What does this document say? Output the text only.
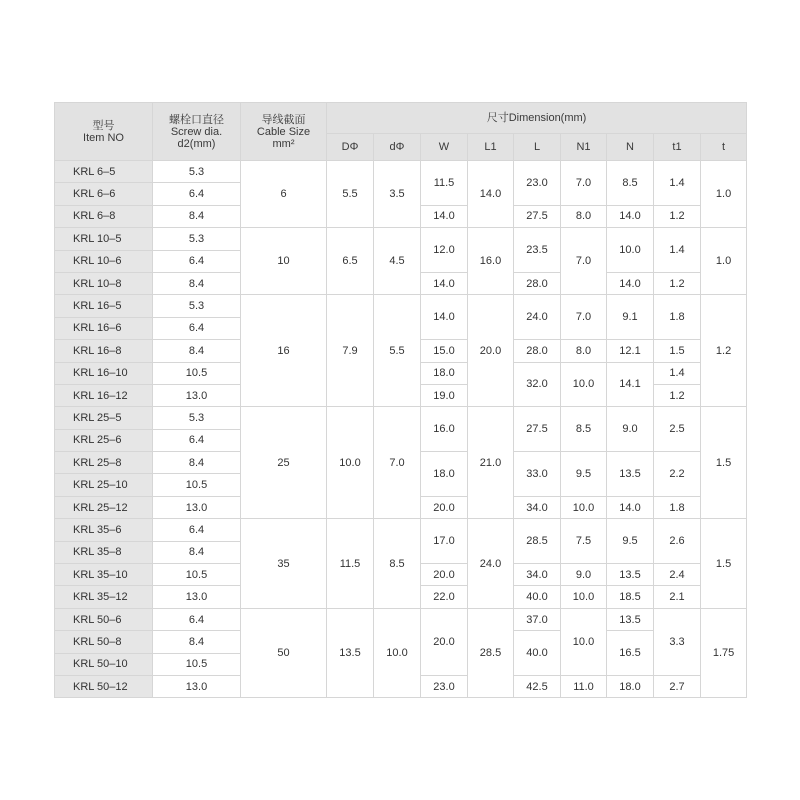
型号
Item NO	螺栓口直径
Screw dia.
d2(mm)	导线截面
Cable Size
mm²	尺寸Dimension(mm)								
			DΦ	dΦ	W	L1	L	N1	N	t1	t
KRL 6–5	5.3	6	5.5	3.5	11.5	14.0	23.0	7.0	8.5	1.4	1.0
KRL 6–6	6.4										
KRL 6–8	8.4				14.0		27.5	8.0	14.0	1.2	
KRL 10–5	5.3	10	6.5	4.5	12.0	16.0	23.5	7.0	10.0	1.4	1.0
KRL 10–6	6.4										
KRL 10–8	8.4				14.0		28.0		14.0	1.2	
KRL 16–5	5.3	16	7.9	5.5	14.0	20.0	24.0	7.0	9.1	1.8	1.2
KRL 16–6	6.4										
KRL 16–8	8.4				15.0		28.0	8.0	12.1	1.5	
KRL 16–10	10.5				18.0		32.0	10.0	14.1	1.4	
KRL 16–12	13.0				19.0					1.2	
KRL 25–5	5.3	25	10.0	7.0	16.0	21.0	27.5	8.5	9.0	2.5	1.5
KRL 25–6	6.4										
KRL 25–8	8.4				18.0		33.0	9.5	13.5	2.2	
KRL 25–10	10.5										
KRL 25–12	13.0				20.0		34.0	10.0	14.0	1.8	
KRL 35–6	6.4	35	11.5	8.5	17.0	24.0	28.5	7.5	9.5	2.6	1.5
KRL 35–8	8.4										
KRL 35–10	10.5				20.0		34.0	9.0	13.5	2.4	
KRL 35–12	13.0				22.0		40.0	10.0	18.5	2.1	
KRL 50–6	6.4	50	13.5	10.0	20.0	28.5	37.0	10.0	13.5	3.3	1.75
KRL 50–8	8.4						40.0		16.5		
KRL 50–10	10.5										
KRL 50–12	13.0				23.0		42.5	11.0	18.0	2.7	
